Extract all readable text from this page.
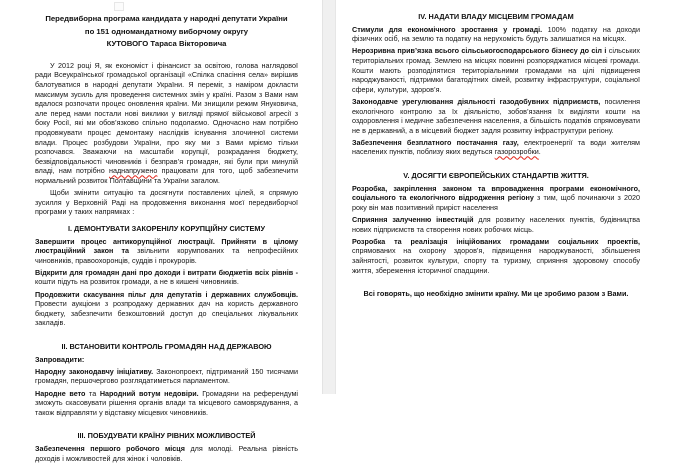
Передвиборна програма кандидата у народні депутати України
по 151 одномандатному виборчому округу
КУТОВОГО Тараса Вікторовича
У 2012 році Я, як економіст і фінансист за освітою, голова наглядової ради Всеукраїнської громадської організації «Спілка спасіння села» вирішив балотуватися в народні депутати України. Я переміг, з наміром докласти максимум зусиль для проведення системних змін у країні. Разом з Вами нам вдалося розпочати процес оновлення країни. Ми знищили режим Януковича, але перед нами постали нові виклики у вигляді прямої військової агресії з боку Росії, які ми обов’язково спільно подолаємо. Одночасно нам потрібно продовжувати процес демонтажу наслідків існування злочинної системи влади. Процес розбудови України, про яку ми з Вами мріємо тільки розпочався. Зважаючи на масштаби корупції, розкрадання бюджету, безвідповідальності чиновників і безправ’я громадян, які були при минулій владі, нам потрібно наднапружено працювати для того, щоб забезпечити нормальний розвиток Полтавщини та України загалом.
Щоби змінити ситуацію та досягнути поставлених цілей, я спрямую зусилля у Верховній Раді на продовження виконання моєї передвиборчої програми у таких напрямках :
І. ДЕМОНТУВАТИ ЗАКОРЕНІЛУ КОРУПЦІЙНУ СИСТЕМУ
Завершити процес антикорупційної люстрації. Прийняти в цілому люстраційний закон та звільнити корумпованих та непрофесійних чиновників, правоохоронців, суддів і прокурорів.
Відкрити для громадян дані про доходи і витрати бюджетів всіх рівнів - кошти підуть на розвиток громади, а не в кишені чиновників.
Продовжити скасування пільг для депутатів і державних службовців. Провести аукціони з розпродажу державних дач на користь державного бюджету, забезпечити безкоштовний доступ до спеціальних лікувальних закладів.
ІІ. ВСТАНОВИТИ КОНТРОЛЬ ГРОМАДЯН НАД ДЕРЖАВОЮ
Запровадити:
Народну законодавчу ініціативу. Законопроект, підтриманий 150 тисячами громадян, першочергово розглядатиметься парламентом.
Народне вето та Народний вотум недовіри. Громадяни на референдумі зможуть скасовувати рішення органів влади та місцевого самоврядування, а також відправляти у відставку місцевих чиновників.
ІІІ. ПОБУДУВАТИ КРАЇНУ РІВНИХ МОЖЛИВОСТЕЙ
Забезпечення першого робочого місця для молоді. Реальна рівність доходів і можливостей для жінок і чоловіків.
IV. НАДАТИ ВЛАДУ МІСЦЕВИМ ГРОМАДАМ
Стимули для економічного зростання у громаді. 100% податку на доходи фізичних осіб, на землю та податку на нерухомість будуть залишатися на місцях.
Нерозривна прив’язка всього сільськогосподарського бізнесу до сіл і сільських територіальних громад. Землею на місцях повинні розпоряджатися місцеві громади. Кошти мають розподілятися територіальними громадами на цілі підвищення народжуваності, підтримки багатодітних сімей, розвитку інфраструктури, соціальної сфери, культури, здоров’я.
Законодавче урегулювання діяльності газодобувних підприємств, посилення екологічного контролю за їх діяльністю, зобов’язання їх виділяти кошти на оздоровлення і медичне забезпечення населення, а більшість податків спрямовувати не в державний, а в місцевий бюджет задля розвитку інфраструктури регіону.
Забезпечення безплатного постачання газу, електроенергії та води жителям населених пунктів, поблизу яких ведуться газорозробки.
V. ДОСЯГТИ ЄВРОПЕЙСЬКИХ СТАНДАРТІВ ЖИТТЯ.
Розробка, закріплення законом та впровадження програми економічного, соціального та екологічного відродження регіону з тим, щоб починаючи з 2020 року він мав позитивний приріст населення
Сприяння залученню інвестицій для розвитку населених пунктів, будівництва нових підприємств та створення нових робочих місць.
Розробка та реалізація ініційованих громадами соціальних проектів, спрямованих на охорону здоров’я, підвищення народжуваності, збільшення зайнятості, розвиток культури, спорту та туризму, сприяння здоровому способу життя, збереження історичної спадщини.
Всі говорять, що необхідно змінити країну. Ми це зробимо разом з Вами.
